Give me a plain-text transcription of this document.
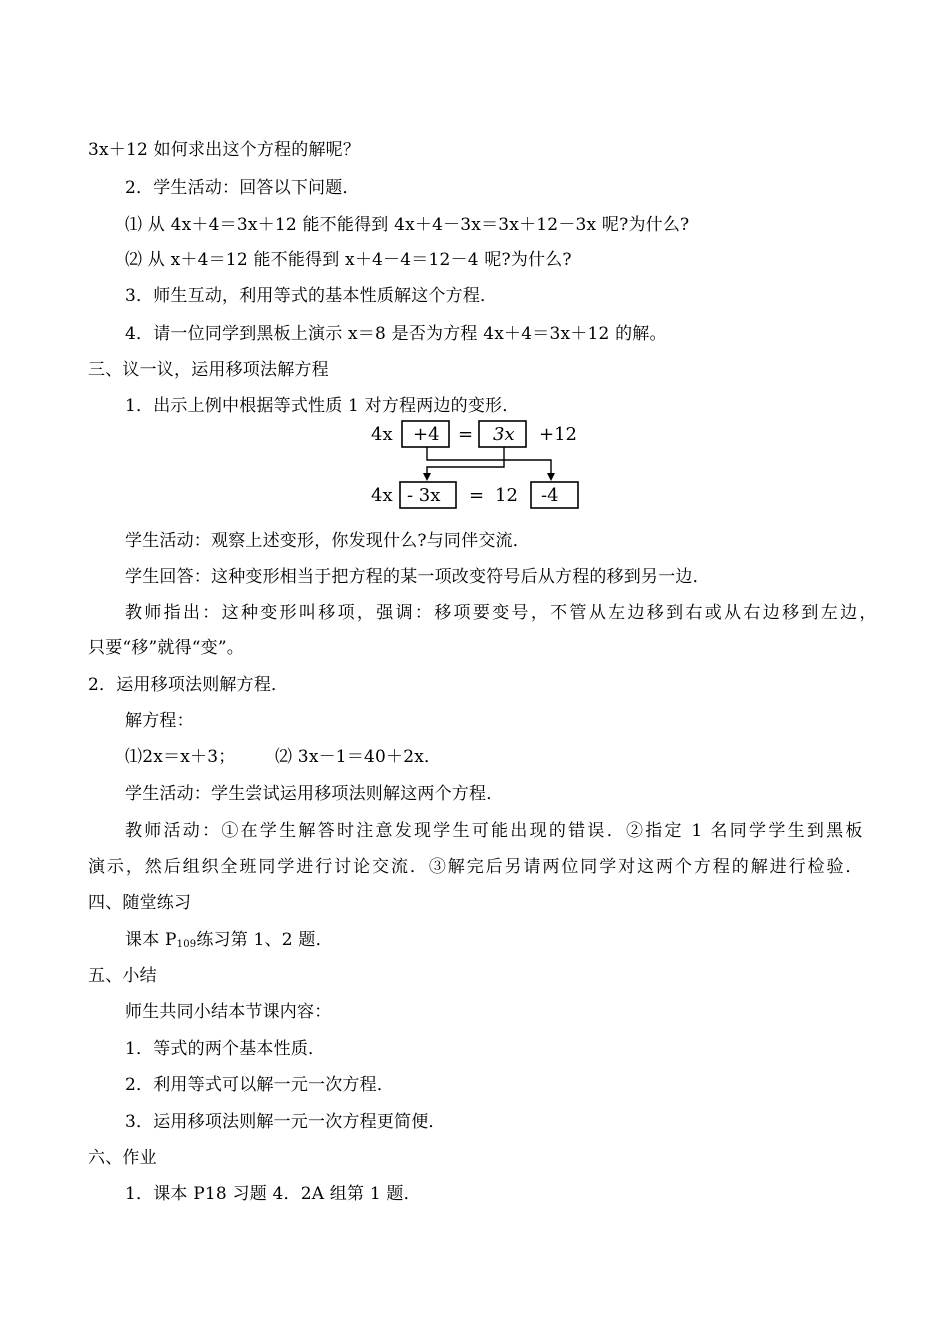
3x＋12 如何求出这个方程的解呢？
2．学生活动：回答以下问题．
⑴ 从 4x＋4＝3x＋12 能不能得到 4x＋4－3x＝3x＋12－3x 呢?为什么?
⑵ 从 x＋4＝12 能不能得到 x＋4－4＝12－4 呢?为什么?
3．师生互动，利用等式的基本性质解这个方程．
4．请一位同学到黑板上演示 x＝8 是否为方程 4x＋4＝3x＋12 的解。
三、议一议，运用移项法解方程
1．出示上例中根据等式性质 1 对方程两边的变形．
4x +4 = 3x +12
4x - 3x = 12 -4
学生活动：观察上述变形，你发现什么?与同伴交流．
学生回答：这种变形相当于把方程的某一项改变符号后从方程的移到另一边．
教师指出：这种变形叫移项，强调：移项要变号，不管从左边移到右或从右边移到左边，
只要“移”就得“变”。
2．运用移项法则解方程．
解方程：
⑴2x＝x＋3； ⑵ 3x－1＝40＋2x．
学生活动：学生尝试运用移项法则解这两个方程．
教师活动：①在学生解答时注意发现学生可能出现的错误．②指定 1 名同学学生到黑板
演示，然后组织全班同学进行讨论交流．③解完后另请两位同学对这两个方程的解进行检验．
四、随堂练习
课本 $P_{109}$练习第 1、2 题．
五、小结
师生共同小结本节课内容：
1．等式的两个基本性质．
2．利用等式可以解一元一次方程．
3．运用移项法则解一元一次方程更简便．
六、作业
1．课本 P18 习题 4．2A 组第 1 题．
